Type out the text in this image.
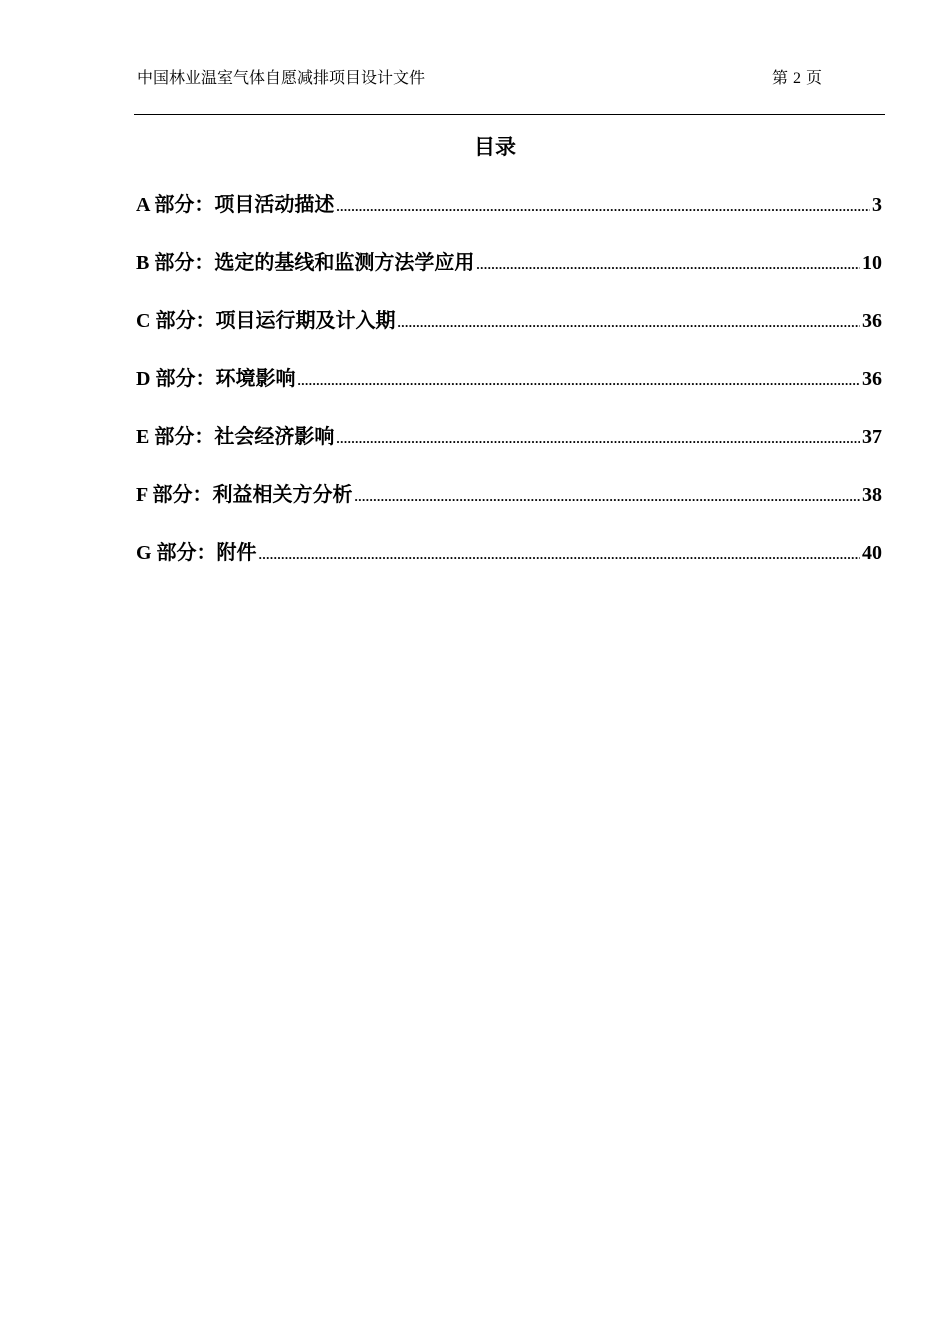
中国林业温室气体自愿减排项目设计文件	第 2 页
目录
A 部分：项目活动描述 .....	3
B 部分：选定的基线和监测方法学应用 .....	10
C 部分：项目运行期及计入期 .....	36
D 部分：环境影响 .....	36
E 部分：社会经济影响 .....	37
F 部分：利益相关方分析 .....	38
G 部分：附件 .....	40
